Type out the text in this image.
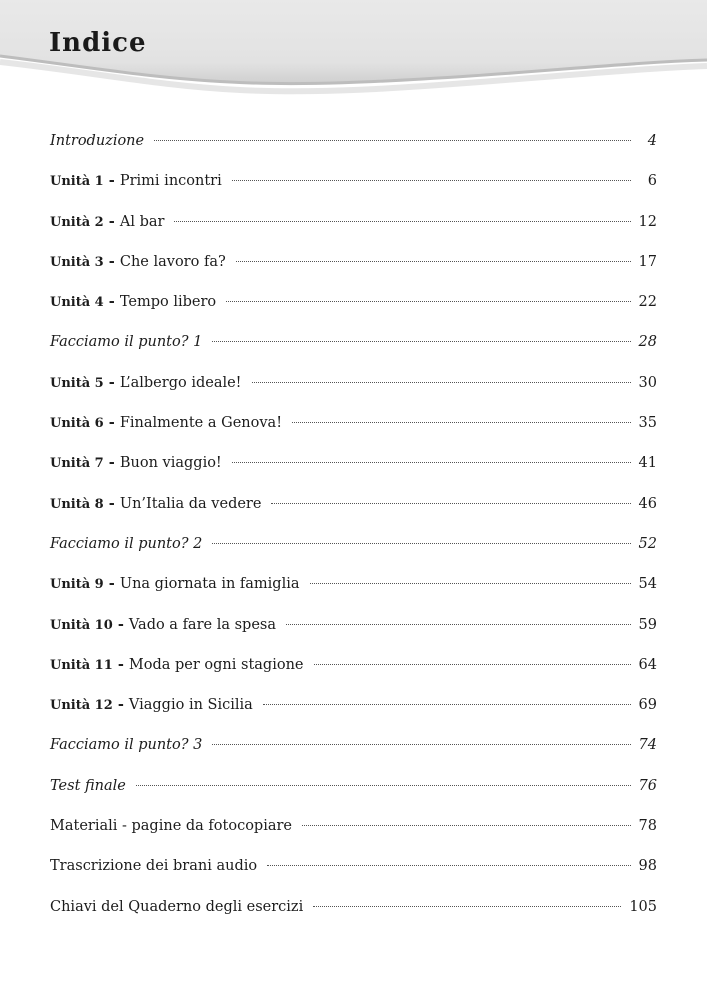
Indice
Introduzione	4
Unità 1 - Primi incontri	6
Unità 2 - Al bar	12
Unità 3 - Che lavoro fa?	17
Unità 4 - Tempo libero	22
Facciamo il punto? 1	28
Unità 5 - L’albergo ideale!	30
Unità 6 - Finalmente a Genova!	35
Unità 7 - Buon viaggio!	41
Unità 8 - Un’Italia da vedere	46
Facciamo il punto? 2	52
Unità 9 - Una giornata in famiglia	54
Unità 10 - Vado a fare la spesa	59
Unità 11 - Moda per ogni stagione	64
Unità 12 - Viaggio in Sicilia	69
Facciamo il punto? 3	74
Test finale	76
Materiali - pagine da fotocopiare	78
Trascrizione dei brani audio	98
Chiavi del Quaderno degli esercizi	105
